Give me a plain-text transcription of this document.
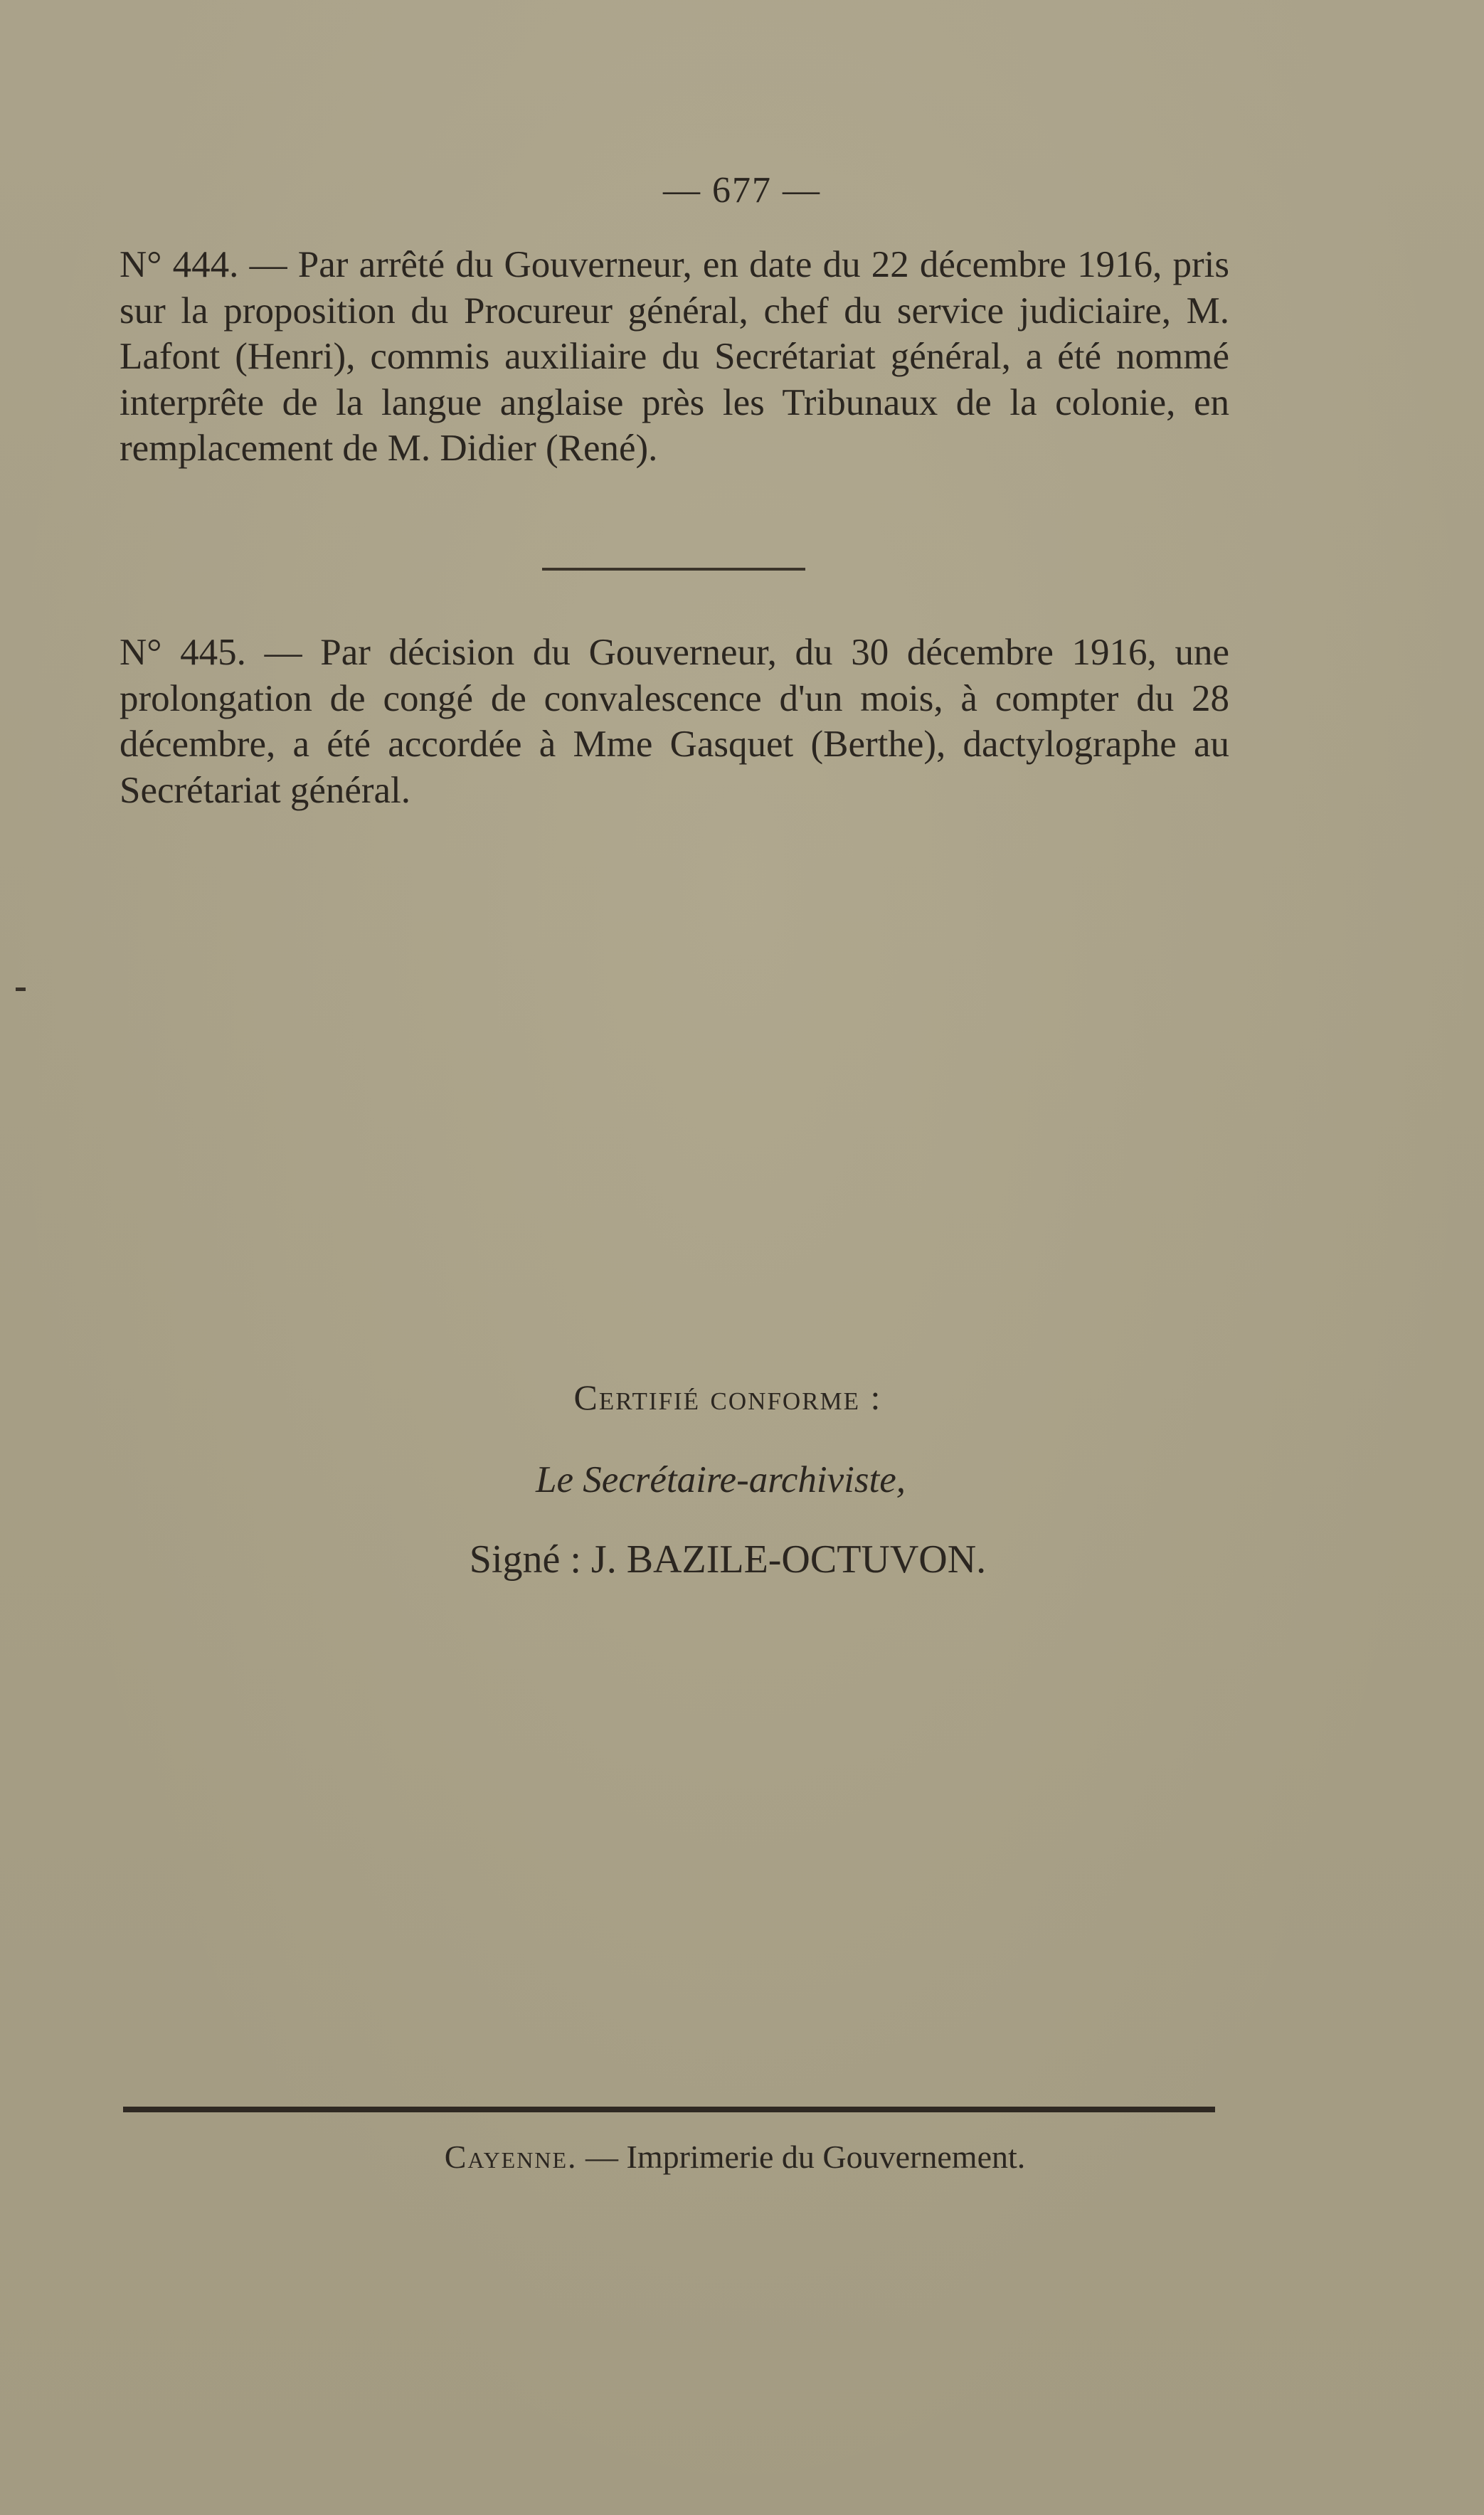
— 677 —

N° 444. — Par arrêté du Gouverneur, en date du 22 décembre 1916, pris sur la proposition du Procureur général, chef du service judiciaire, M. Lafont (Henri), commis auxiliaire du Secrétariat général, a été nommé interprête de la langue anglaise près les Tribunaux de la colonie, en remplacement de M. Didier (René).

N° 445. — Par décision du Gouverneur, du 30 décembre 1916, une prolongation de congé de convalescence d'un mois, à compter du 28 décembre, a été accordée à Mme Gasquet (Berthe), dactylographe au Secrétariat général.

Certifié conforme :
Le Secrétaire-archiviste,
Signé : J. BAZILE-OCTUVON.
Cayenne. — Imprimerie du Gouvernement.
